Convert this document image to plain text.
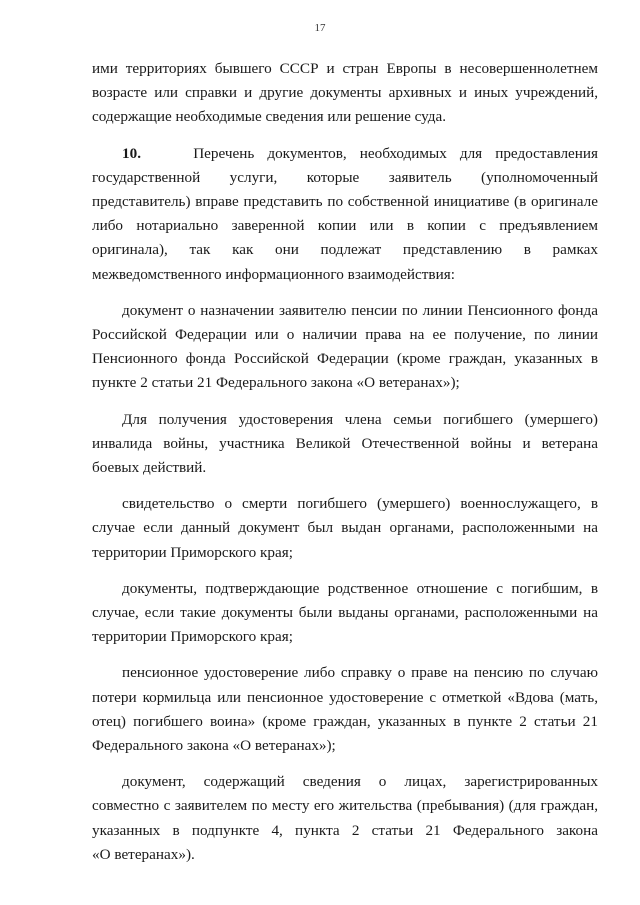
17
ими территориях бывшего СССР и стран Европы в несовершеннолетнем
возрасте или справки и другие документы архивных и иных учреждений,
содержащие необходимые сведения или решение суда.
10.	Перечень документов, необходимых для предоставления
государственной услуги, которые заявитель (уполномоченный
представитель) вправе представить по собственной инициативе (в оригинале
либо нотариально заверенной копии или в копии с предъявлением
оригинала), так как они подлежат представлению в рамках
межведомственного информационного взаимодействия:
документ о назначении заявителю пенсии по линии Пенсионного фонда
Российской Федерации или о наличии права на ее получение, по линии
Пенсионного фонда Российской Федерации (кроме граждан, указанных в
пункте 2 статьи 21 Федерального закона «О ветеранах»);
Для получения удостоверения члена семьи погибшего (умершего)
инвалида войны, участника Великой Отечественной войны и ветерана
боевых действий.
свидетельство о смерти погибшего (умершего) военнослужащего, в
случае если данный документ был выдан органами, расположенными на
территории Приморского края;
документы, подтверждающие родственное отношение с погибшим, в
случае, если такие документы были выданы органами, расположенными на
территории Приморского края;
пенсионное удостоверение либо справку о праве на пенсию по случаю
потери кормильца или пенсионное удостоверение с отметкой «Вдова (мать,
отец) погибшего воина» (кроме граждан, указанных в пункте 2 статьи 21
Федерального закона «О ветеранах»);
документ, содержащий сведения о лицах, зарегистрированных
совместно с заявителем по месту его жительства (пребывания) (для граждан,
указанных в подпункте 4, пункта 2 статьи 21 Федерального закона
«О ветеранах»).
